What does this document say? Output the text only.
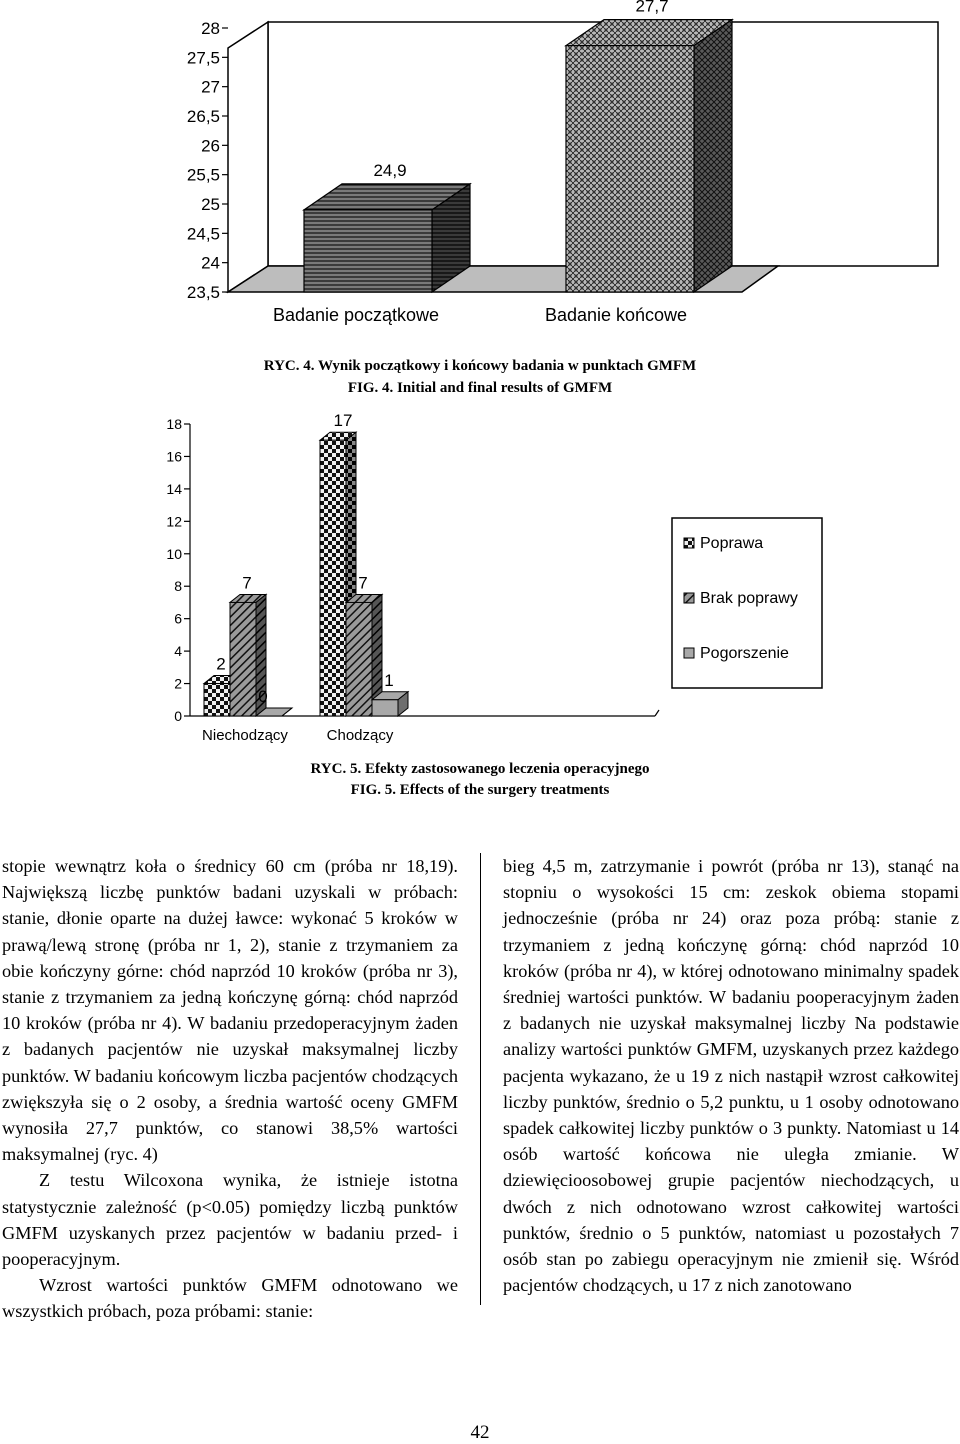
23,5
24
24,5
25
25,5
26
26,5
27
27,5
28
24,9
27,7
Badanie początkowe	Badanie końcowe
RYC. 4. Wynik początkowy i końcowy badania w punktach GMFM
FIG. 4. Initial and final results of GMFM
0
2
4
6
8
10
12
14
16
18
2
17
7	7
0
1
Niechodzący	Chodzący
Poprawa
Brak poprawy
Pogorszenie
RYC. 5. Efekty zastosowanego leczenia operacyjnego
FIG. 5. Effects of the surgery treatments

stopie wewnątrz koła o średnicy 60 cm (próba nr 18,19). Największą liczbę punktów badani uzyskali w próbach: stanie, dłonie oparte na dużej ławce: wykonać 5 kroków w prawą/lewą stronę (próba nr 1, 2), stanie z trzymaniem za obie kończyny górne: chód naprzód 10 kroków (próba nr 3), stanie z trzymaniem za jedną kończynę górną: chód naprzód 10 kroków (próba nr 4). W badaniu przedoperacyjnym żaden z badanych pacjentów nie uzyskał maksymalnej liczby punktów. W badaniu końcowym liczba pacjentów chodzących zwiększyła się o 2 osoby, a średnia wartość oceny GMFM wynosiła 27,7 punktów, co stanowi 38,5% wartości maksymalnej (ryc. 4)

Z testu Wilcoxona wynika, że istnieje istotna statystycznie zależność (p<0.05) pomiędzy liczbą punktów GMFM uzyskanych przez pacjentów w badaniu przed- i pooperacyjnym.

Wzrost wartości punktów GMFM odnotowano we wszystkich próbach, poza próbami: stanie:

bieg 4,5 m, zatrzymanie i powrót (próba nr 13), stanąć na stopniu o wysokości 15 cm: zeskok obiema stopami jednocześnie (próba nr 24) oraz poza próbą: stanie z trzymaniem z jedną kończynę górną: chód naprzód 10 kroków (próba nr 4), w której odnotowano minimalny spadek średniej wartości punktów. W badaniu pooperacyjnym żaden z badanych nie uzyskał maksymalnej liczby Na podstawie analizy wartości punktów GMFM, uzyskanych przez każdego pacjenta wykazano, że u 19 z nich nastąpił wzrost całkowitej liczby punktów, średnio o 5,2 punktu, u 1 osoby odnotowano spadek całkowitej liczby punktów o 3 punkty. Natomiast u 14 osób wartość końcowa nie uległa zmianie. W dziewięcioosobowej grupie pacjentów niechodzących, u dwóch z nich odnotowano wzrost całkowitej wartości punktów, średnio o 5 punktów, natomiast u pozostałych 7 osób stan po zabiegu operacyjnym nie zmienił się. Wśród pacjentów chodzących, u 17 z nich zanotowano

42
